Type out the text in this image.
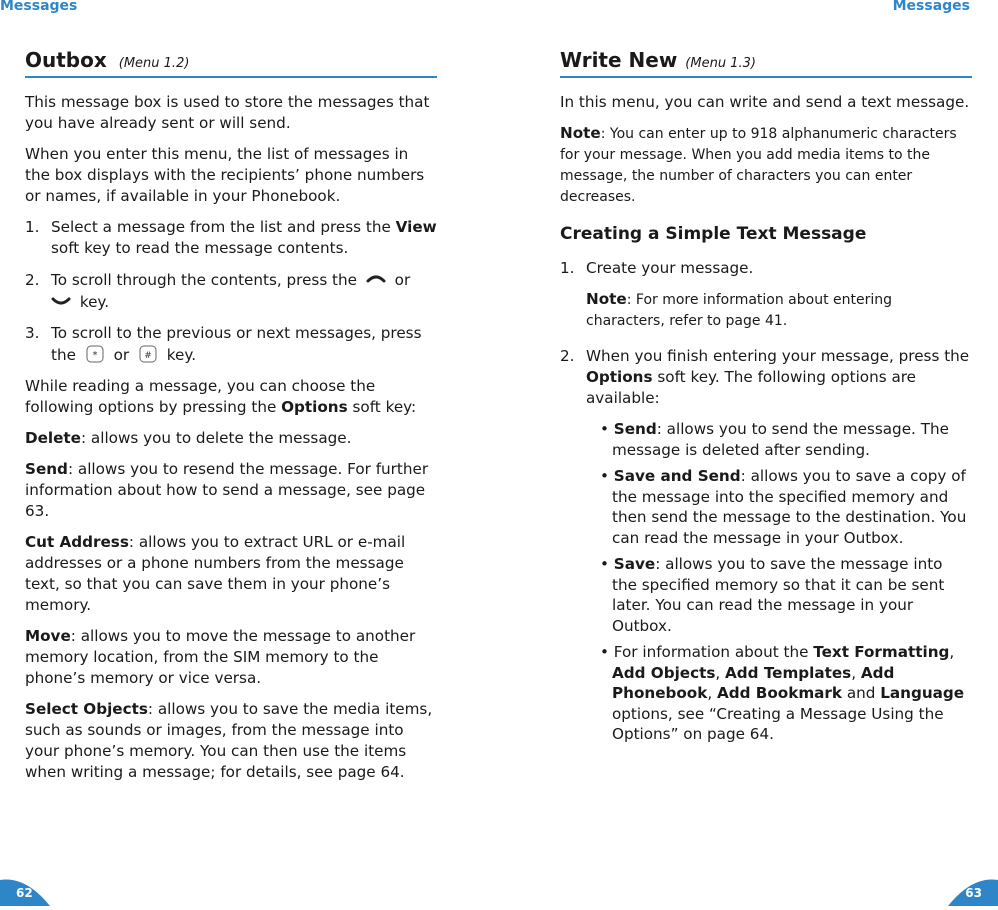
Messages	Messages
Outbox (Menu 1.2)

This message box is used to store the messages that you have already sent or will send.

When you enter this menu, the list of messages in the box displays with the recipients’ phone numbers or names, if available in your Phonebook.

1. Select a message from the list and press the View soft key to read the message contents.
2. To scroll through the contents, press the or
key.
3. To scroll to the previous or next messages, press the * or # key.

While reading a message, you can choose the following options by pressing the Options soft key:

Delete: allows you to delete the message.

Send: allows you to resend the message. For further information about how to send a message, see page 63.

Cut Address: allows you to extract URL or e-mail addresses or a phone numbers from the message text, so that you can save them in your phone’s memory.

Move: allows you to move the message to another memory location, from the SIM memory to the phone’s memory or vice versa.

Select Objects: allows you to save the media items, such as sounds or images, from the message into your phone’s memory. You can then use the items when writing a message; for details, see page 64.

Write New (Menu 1.3)

In this menu, you can write and send a text message.

Note: You can enter up to 918 alphanumeric characters for your message. When you add media items to the message, the number of characters you can enter decreases.
Creating a Simple Text Message
1. Create your message.
Note: For more information about entering characters, refer to page 41.
2. When you finish entering your message, press the Options soft key. The following options are available:
• Send: allows you to send the message. The message is deleted after sending.
• Save and Send: allows you to save a copy of the message into the specified memory and then send the message to the destination. You can read the message in your Outbox.
• Save: allows you to save the message into the specified memory so that it can be sent later. You can read the message in your Outbox.
• For information about the Text Formatting, Add Objects, Add Templates, Add Phonebook, Add Bookmark and Language options, see “Creating a Message Using the Options” on page 64.
62	63
